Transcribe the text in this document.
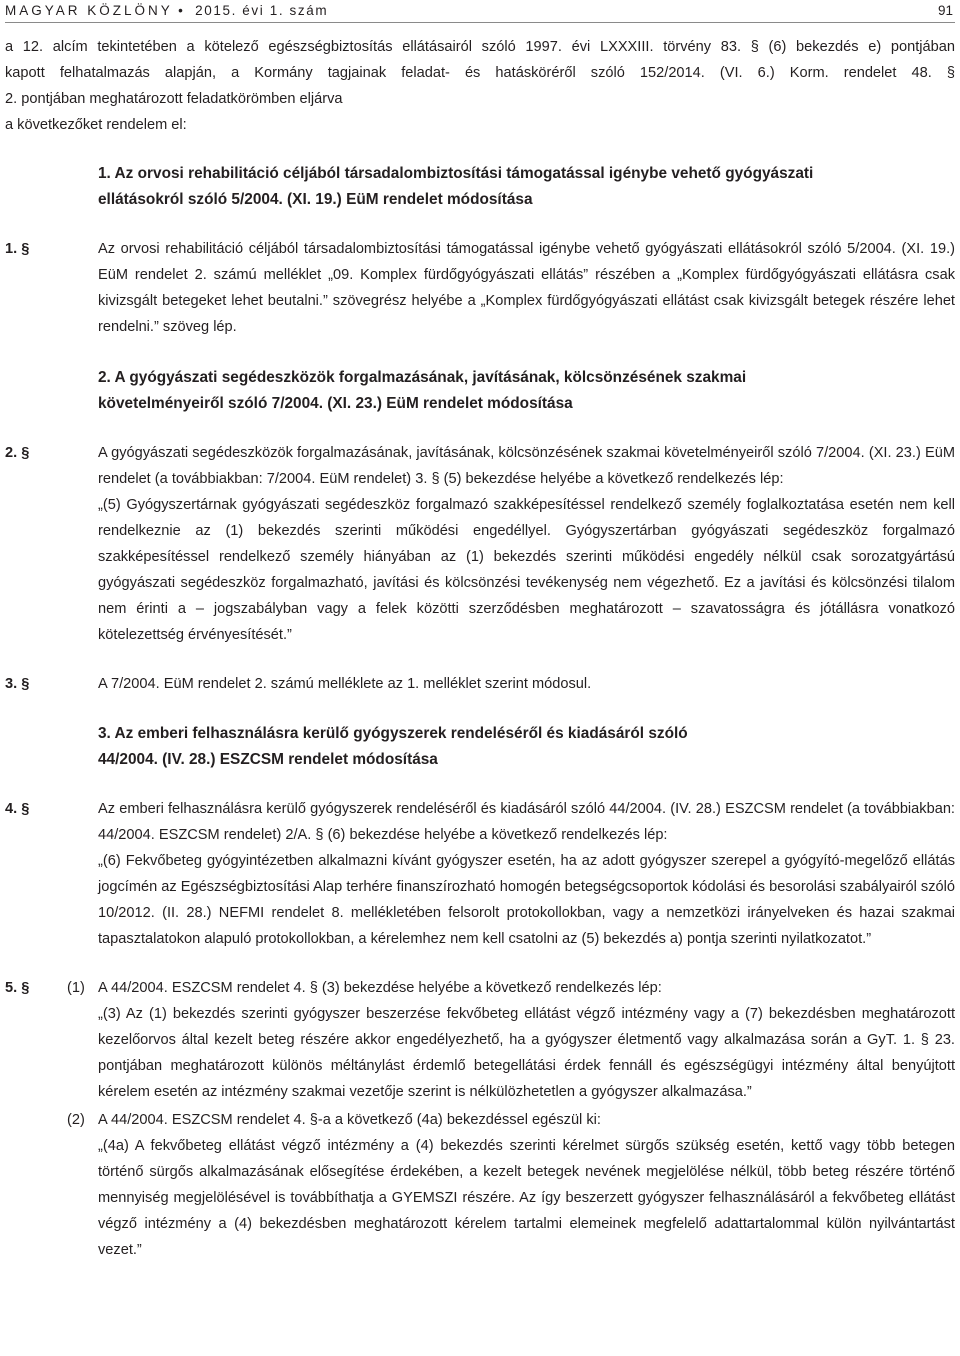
MAGYAR KÖZLÖNY •  2015. évi 1. szám	91

a 12. alcím tekintetében a kötelező egészségbiztosítás ellátásairól szóló 1997. évi LXXXIII. törvény 83. § (6) bekezdés e) pontjában
kapott felhatalmazás alapján, a Kormány tagjainak feladat- és hatásköréről szóló 152/2014. (VI. 6.) Korm. rendelet 48. §
2. pontjában meghatározott feladatkörömben eljárva
a következőket rendelem el:

1. Az orvosi rehabilitáció céljából társadalombiztosítási támogatással igénybe vehető gyógyászati
ellátásokról szóló 5/2004. (XI. 19.) EüM rendelet módosítása
1. §	Az orvosi rehabilitáció céljából társadalombiztosítási támogatással igénybe vehető gyógyászati ellátásokról szóló 5/2004. (XI. 19.) EüM rendelet 2. számú melléklet „09. Komplex fürdőgyógyászati ellátás” részében a „Komplex fürdőgyógyászati ellátásra csak kivizsgált betegeket lehet beutalni.” szövegrész helyébe a „Komplex fürdőgyógyászati ellátást csak kivizsgált betegek részére lehet rendelni.” szöveg lép.

2. A gyógyászati segédeszközök forgalmazásának, javításának, kölcsönzésének szakmai
követelményeiről szóló 7/2004. (XI. 23.) EüM rendelet módosítása
2. §	A gyógyászati segédeszközök forgalmazásának, javításának, kölcsönzésének szakmai követelményeiről szóló 7/2004. (XI. 23.) EüM rendelet (a továbbiakban: 7/2004. EüM rendelet) 3. § (5) bekezdése helyébe a következő rendelkezés lép:

„(5) Gyógyszertárnak gyógyászati segédeszköz forgalmazó szakképesítéssel rendelkező személy foglalkoztatása esetén nem kell rendelkeznie az (1) bekezdés szerinti működési engedéllyel. Gyógyszertárban gyógyászati segédeszköz forgalmazó szakképesítéssel rendelkező személy hiányában az (1) bekezdés szerinti működési engedély nélkül csak sorozatgyártású gyógyászati segédeszköz forgalmazható, javítási és kölcsönzési tevékenység nem végezhető. Ez a javítási és kölcsönzési tilalom nem érinti a – jogszabályban vagy a felek közötti szerződésben meghatározott – szavatosságra és jótállásra vonatkozó kötelezettség érvényesítését.”

3. §	A 7/2004. EüM rendelet 2. számú melléklete az 1. melléklet szerint módosul.

3. Az emberi felhasználásra kerülő gyógyszerek rendeléséről és kiadásáról szóló
44/2004. (IV. 28.) ESZCSM rendelet módosítása
4. §	Az emberi felhasználásra kerülő gyógyszerek rendeléséről és kiadásáról szóló 44/2004. (IV. 28.) ESZCSM rendelet (a továbbiakban: 44/2004. ESZCSM rendelet) 2/A. § (6) bekezdése helyébe a következő rendelkezés lép:

„(6) Fekvőbeteg gyógyintézetben alkalmazni kívánt gyógyszer esetén, ha az adott gyógyszer szerepel a gyógyító-megelőző ellátás jogcímén az Egészségbiztosítási Alap terhére finanszírozható homogén betegségcsoportok kódolási és besorolási szabályairól szóló 10/2012. (II. 28.) NEFMI rendelet 8. mellékletében felsorolt protokollokban, vagy a nemzetközi irányelveken és hazai szakmai tapasztalatokon alapuló protokollokban, a kérelemhez nem kell csatolni az (5) bekezdés a) pontja szerinti nyilatkozatot.”

5. §	(1) A 44/2004. ESZCSM rendelet 4. § (3) bekezdése helyébe a következő rendelkezés lép:

„(3) Az (1) bekezdés szerinti gyógyszer beszerzése fekvőbeteg ellátást végző intézmény vagy a (7) bekezdésben meghatározott kezelőorvos által kezelt beteg részére akkor engedélyezhető, ha a gyógyszer életmentő vagy alkalmazása során a GyT. 1. § 23. pontjában meghatározott különös méltánylást érdemlő betegellátási érdek fennáll és egészségügyi intézmény által benyújtott kérelem esetén az intézmény szakmai vezetője szerint is nélkülözhetetlen a gyógyszer alkalmazása.”

(2) A 44/2004. ESZCSM rendelet 4. §-a a következő (4a) bekezdéssel egészül ki:

„(4a) A fekvőbeteg ellátást végző intézmény a (4) bekezdés szerinti kérelmet sürgős szükség esetén, kettő vagy több betegen történő sürgős alkalmazásának elősegítése érdekében, a kezelt betegek nevének megjelölése nélkül, több beteg részére történő mennyiség megjelölésével is továbbíthatja a GYEMSZI részére. Az így beszerzett gyógyszer felhasználásáról a fekvőbeteg ellátást végző intézmény a (4) bekezdésben meghatározott kérelem tartalmi elemeinek megfelelő adattartalommal külön nyilvántartást vezet.”
